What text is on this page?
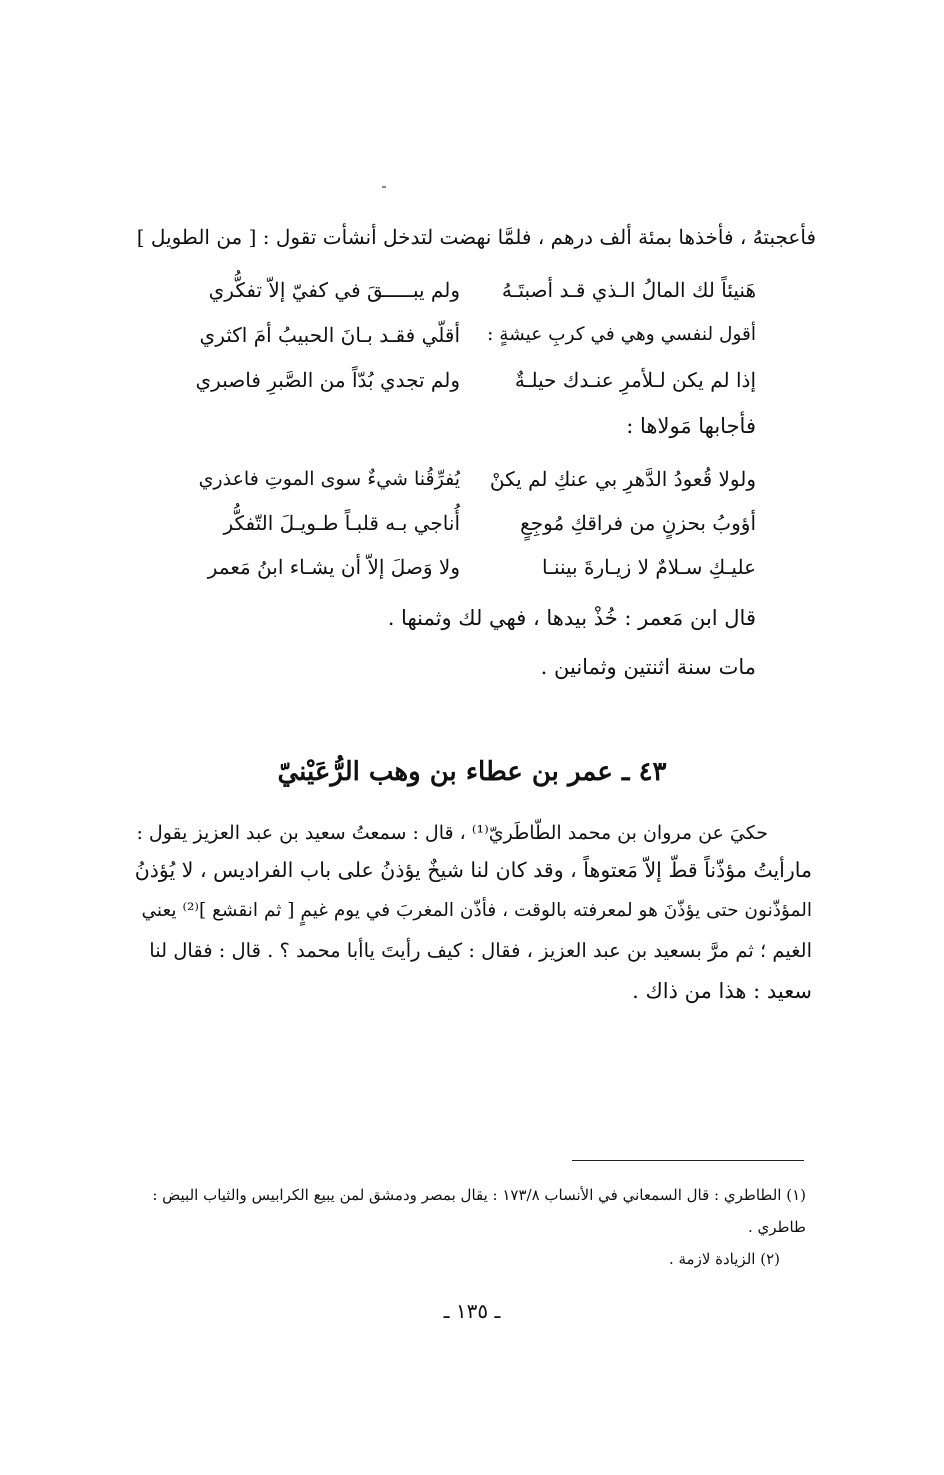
فأعجبتهُ ، فأخذها بمئة ألف درهم ، فلمَّا نهضت لتدخل أنشأت تقول : [ من الطويل ]
هَنيئاً لك المالُ الـذي قـد أصبتَـهُ
ولم يبـــــقَ في كفيّ إلاّ تفكُّري
أقول لنفسي وهي في كربِ عيشةٍ :
أقلّي فقـد بـانَ الحبيبُ أمَ اكثري
إذا لم يكن لـلأمرِ عنـدك حيلـةٌ
ولم تجدي بُدّاً من الصَّبرِ فاصبري
فأجابها مَولاها :
ولولا قُعودُ الدَّهرِ بي عنكِ لم يكنْ
يُفرِّقُنا شيءٌ سوى الموتِ فاعذري
أؤوبُ بحزنٍ من فراقكِ مُوجِعٍ
أُناجي بـه قلبـاً طـويـلَ التّفكُّر
عليـكِ سـلامٌ لا زيـارةَ بيننـا
ولا وَصلَ إلاّ أن يشـاء ابنُ مَعمر
قال ابن مَعمر : خُذْ بيدها ، فهي لك وثمنها .
مات سنة اثنتين وثمانين .
٤٣ ـ عمر بن عطاء بن وهب الرُّعَيْنيّ
حكيَ عن مروان بن محمد الطّاطَريّ⁽¹⁾ ، قال : سمعتُ سعيد بن عبد العزيز يقول :
مارأيتُ مؤذّناً قطّ إلاّ مَعتوهاً ، وقد كان لنا شيخٌ يؤذنُ على باب الفراديس ، لا يُؤذنُ
المؤذّنون حتى يؤذّنَ هو لمعرفته بالوقت ، فأذّن المغربَ في يوم غيمٍ [ ثم انقشع ]⁽²⁾ يعني
الغيم ؛ ثم مرَّ بسعيد بن عبد العزيز ، فقال : كيف رأيتَ ياأبا محمد ؟ . قال : فقال لنا
سعيد : هذا من ذاك .
(١) الطاطري : قال السمعاني في الأنساب ١٧٣/٨ : يقال بمصر ودمشق لمن يبيع الكرابيس والثياب البيض :
طاطري .
(٢) الزيادة لازمة .
ـ ١٣٥ ـ
